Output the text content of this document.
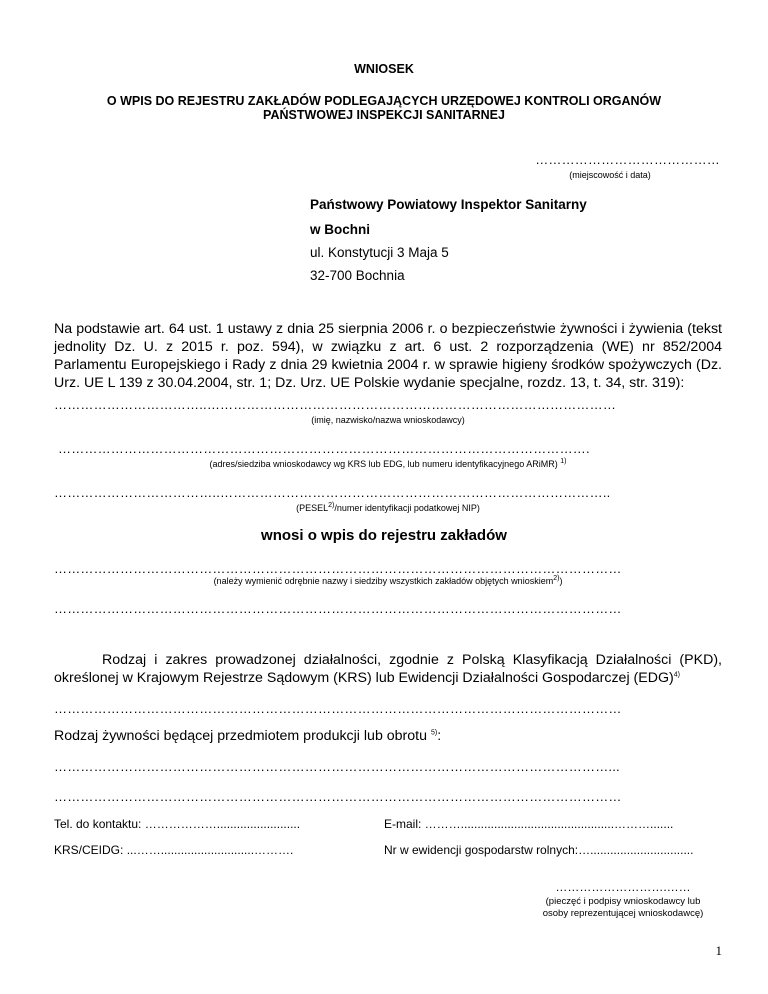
WNIOSEK
O WPIS DO REJESTRU ZAKŁADÓW PODLEGAJĄCYCH URZĘDOWEJ KONTROLI ORGANÓW
PAŃSTWOWEJ INSPEKCJI SANITARNEJ
……………………………………
(miejscowość i data)
Państwowy Powiatowy Inspektor Sanitarny
w Bochni
ul. Konstytucji 3 Maja 5
32-700 Bochnia
Na podstawie art. 64 ust. 1 ustawy z dnia 25 sierpnia 2006 r. o bezpieczeństwie żywności i żywienia (tekst jednolity Dz. U. z 2015 r. poz. 594), w związku z art. 6 ust. 2 rozporządzenia (WE) nr 852/2004 Parlamentu Europejskiego i Rady z dnia 29 kwietnia 2004 r. w sprawie higieny środków spożywczych (Dz. Urz. UE L 139 z 30.04.2004, str. 1; Dz. Urz. UE Polskie wydanie specjalne, rozdz. 13, t. 34, str. 319):
……………………………..…………………………………………………………………………………
(imię, nazwisko/nazwa wnioskodawcy)
………………………………………………………………………………………………………….
(adres/siedziba wnioskodawcy wg KRS lub EDG, lub numeru identyfikacyjnego ARiMR) $^{1)}$
………………………………..……………………………………………………………………………..
(PESEL$^{2)}$/numer identyfikacji podatkowej NIP)
wnosi o wpis do rejestru zakładów
…………………………………………………………………………………………………………………
(należy wymienić odrębnie nazwy i siedziby wszystkich zakładów objętych wnioskiem$^{2)}$)
…………………………………………………………………………………………………………………
Rodzaj i zakres prowadzonej działalności, zgodnie z Polską Klasyfikacją Działalności (PKD),
określonej w Krajowym Rejestrze Sądowym (KRS) lub Ewidencji Działalności Gospodarczej (EDG)$^{4)}$
…………………………………………………………………………………………………………………
Rodzaj żywności będącej przedmiotem produkcji lub obrotu $^{5)}$:
………………………………………………………………………………………………………………...
…………………………………………………………………………………………………………………
Tel. do kontaktu: ……………….........................	E-mail: ………..............................................……….......
KRS/CEIDG: ...……............................……….	Nr w ewidencji gospodarstw rolnych:…...............................
……………………….……
(pieczęć i podpisy wnioskodawcy lub
osoby reprezentującej wnioskodawcę)
1
